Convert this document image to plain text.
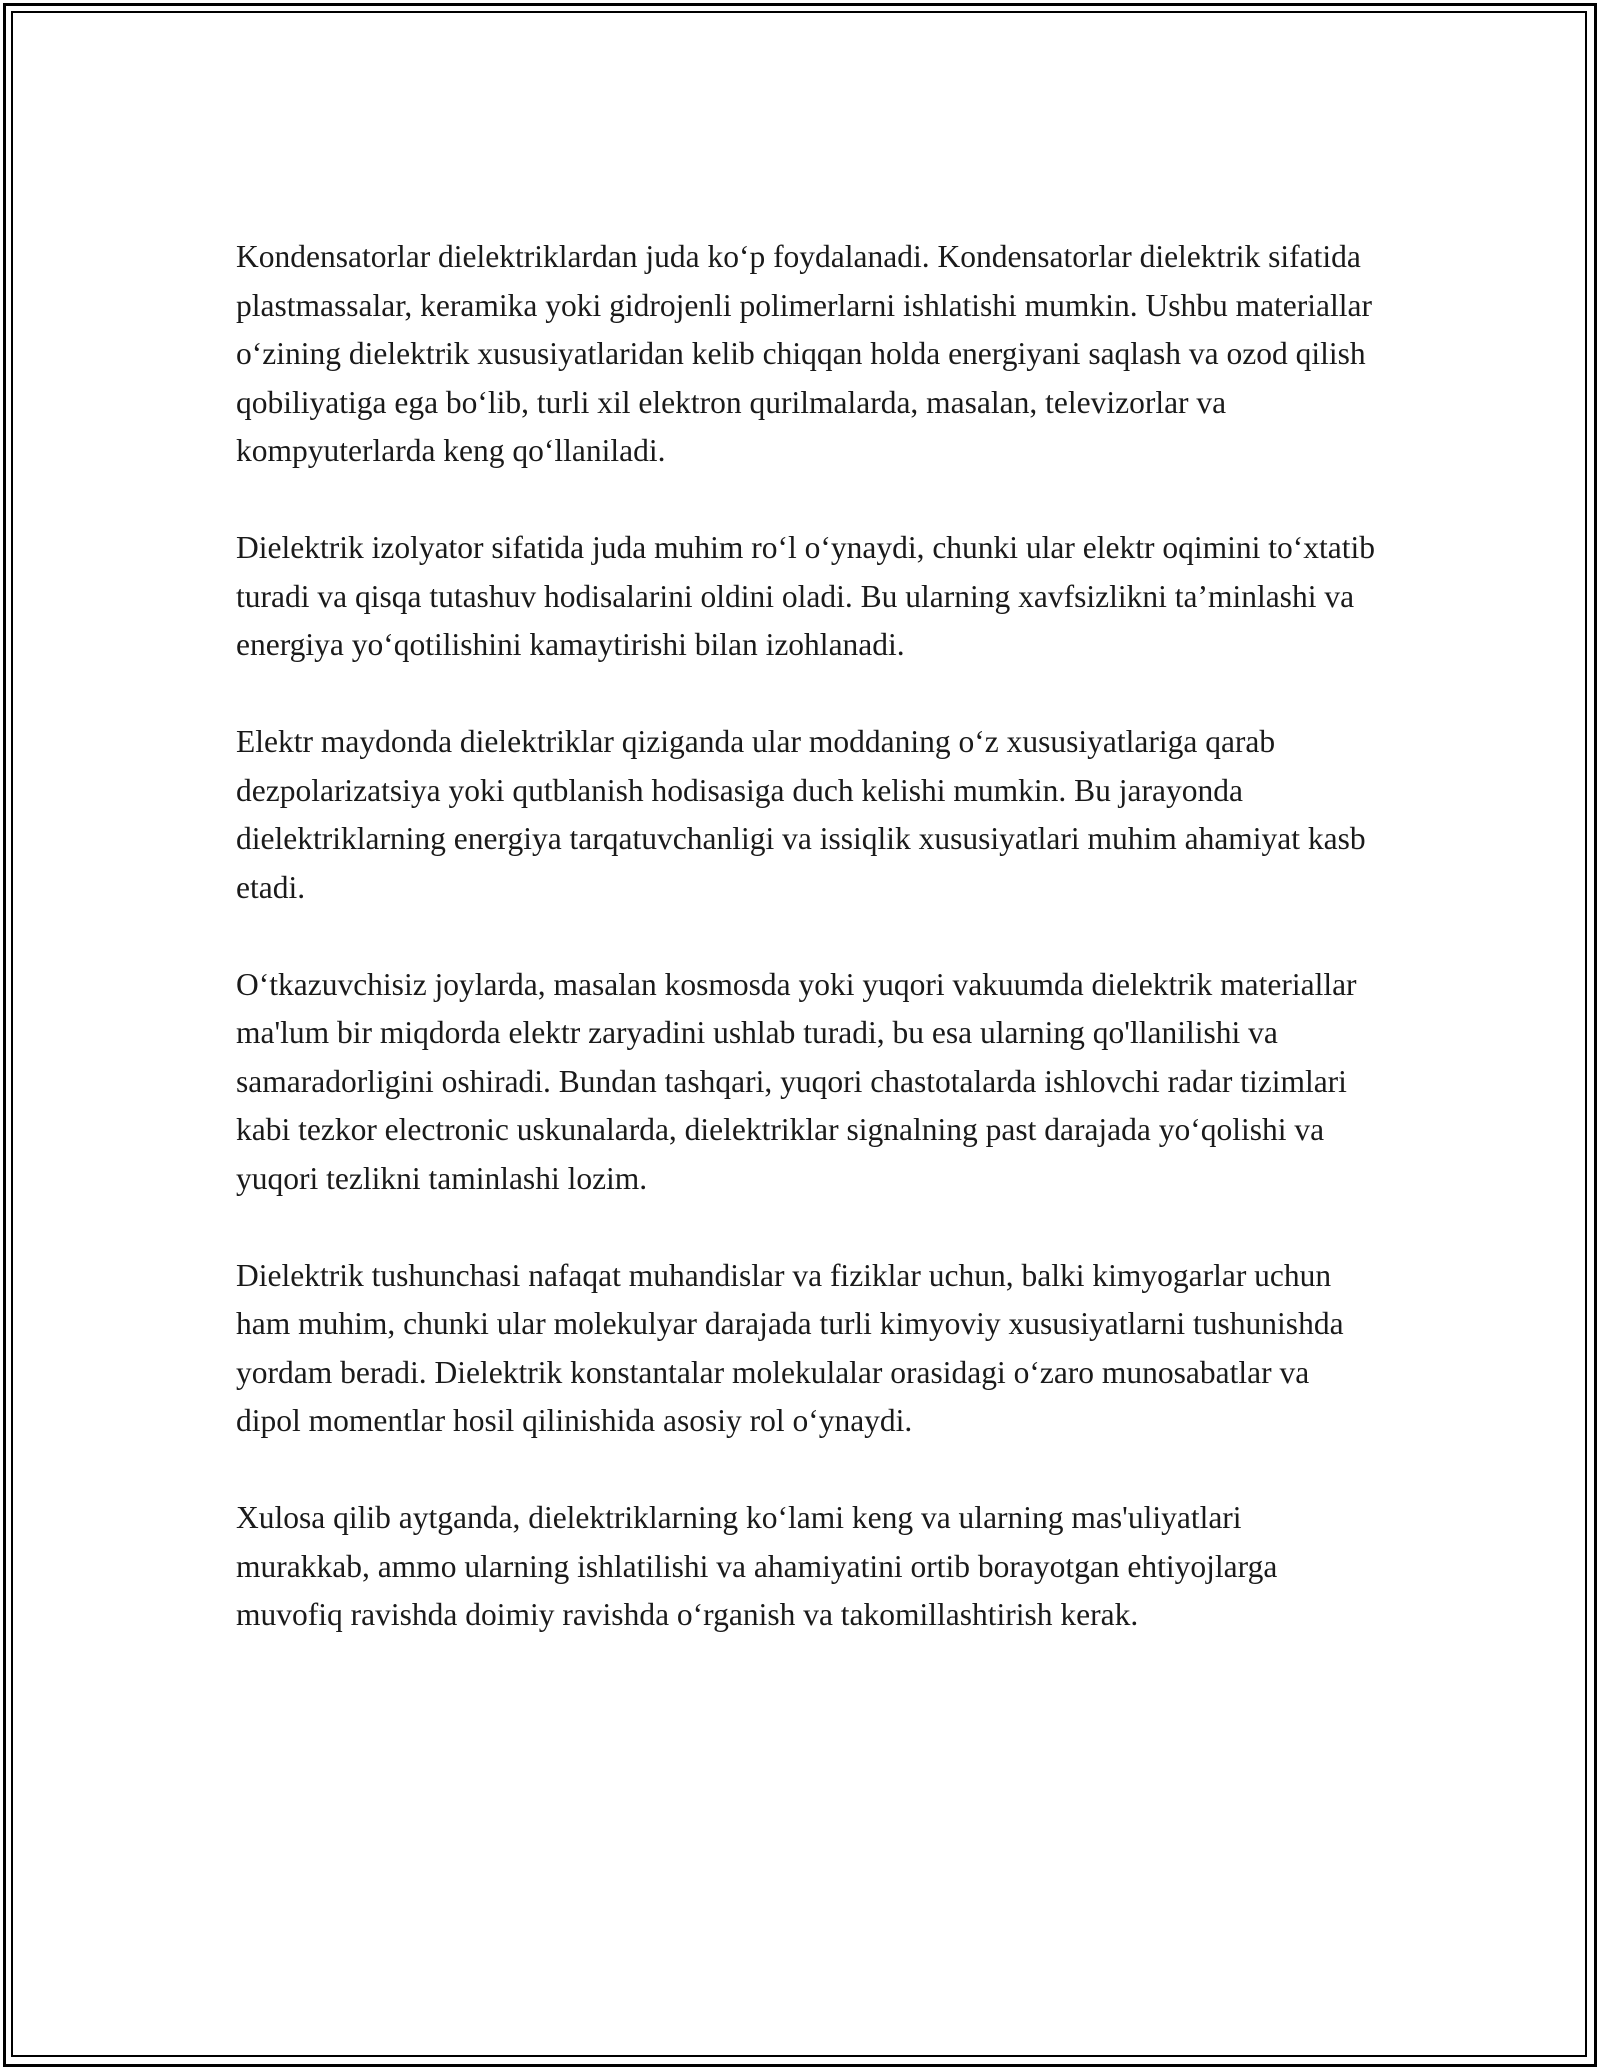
Kondensatorlar dielektriklardan juda ko‘p foydalanadi. Kondensatorlar dielektrik sifatida plastmassalar, keramika yoki gidrojenli polimerlarni ishlatishi mumkin. Ushbu materiallar o‘zining dielektrik xususiyatlaridan kelib chiqqan holda energiyani saqlash va ozod qilish qobiliyatiga ega bo‘lib, turli xil elektron qurilmalarda, masalan, televizorlar va kompyuterlarda keng qo‘llaniladi.

Dielektrik izolyator sifatida juda muhim ro‘l o‘ynaydi, chunki ular elektr oqimini to‘xtatib turadi va qisqa tutashuv hodisalarini oldini oladi. Bu ularning xavfsizlikni ta’minlashi va energiya yo‘qotilishini kamaytirishi bilan izohlanadi.

Elektr maydonda dielektriklar qiziganda ular moddaning o‘z xususiyatlariga qarab dezpolarizatsiya yoki qutblanish hodisasiga duch kelishi mumkin. Bu jarayonda dielektriklarning energiya tarqatuvchanligi va issiqlik xususiyatlari muhim ahamiyat kasb etadi.

O‘tkazuvchisiz joylarda, masalan kosmosda yoki yuqori vakuumda dielektrik materiallar ma'lum bir miqdorda elektr zaryadini ushlab turadi, bu esa ularning qo'llanilishi va samaradorligini oshiradi. Bundan tashqari, yuqori chastotalarda ishlovchi radar tizimlari kabi tezkor electronic uskunalarda, dielektriklar signalning past darajada yo‘qolishi va yuqori tezlikni taminlashi lozim.

Dielektrik tushunchasi nafaqat muhandislar va fiziklar uchun, balki kimyogarlar uchun ham muhim, chunki ular molekulyar darajada turli kimyoviy xususiyatlarni tushunishda yordam beradi. Dielektrik konstantalar molekulalar orasidagi o‘zaro munosabatlar va dipol momentlar hosil qilinishida asosiy rol o‘ynaydi.

Xulosa qilib aytganda, dielektriklarning ko‘lami keng va ularning mas'uliyatlari murakkab, ammo ularning ishlatilishi va ahamiyatini ortib borayotgan ehtiyojlarga muvofiq ravishda doimiy ravishda o‘rganish va takomillashtirish kerak.
